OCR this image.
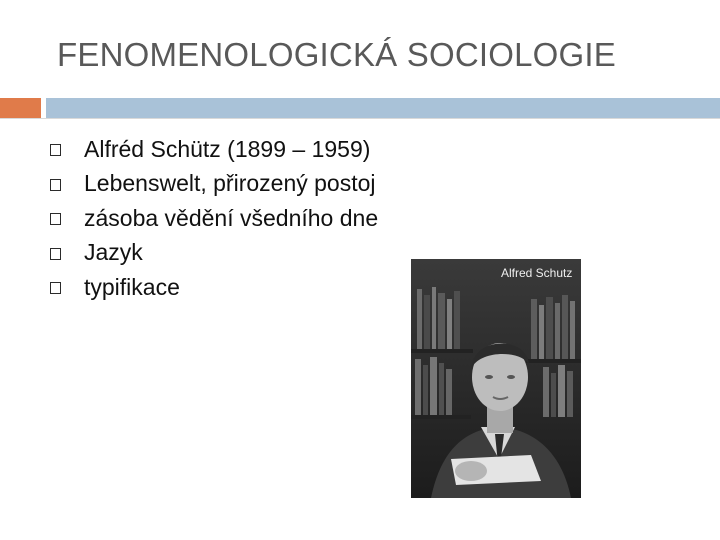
FENOMENOLOGICKÁ SOCIOLOGIE
Alfréd Schütz (1899 – 1959)
Lebenswelt, přirozený postoj
zásoba vědění všedního dne
Jazyk
typifikace
Alfred Schutz
